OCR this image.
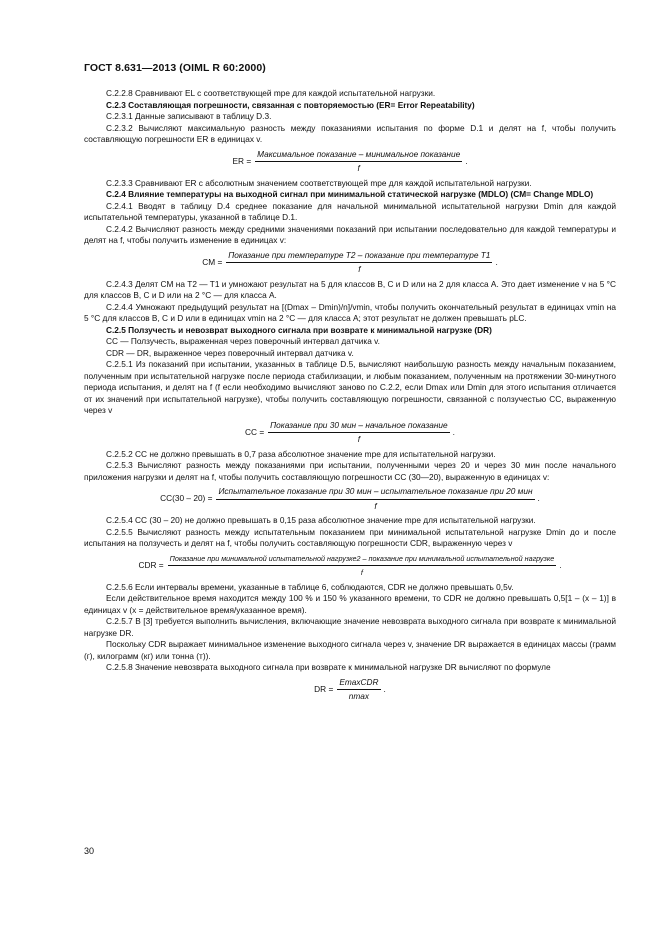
ГОСТ 8.631—2013 (OIML R 60:2000)

C.2.2.8 Сравнивают EL с соответствующей mpe для каждой испытательной нагрузки.

C.2.3 Составляющая погрешности, связанная с повторяемостью (ER= Error Repeatability)

C.2.3.1 Данные записывают в таблицу D.3.

C.2.3.2 Вычисляют максимальную разность между показаниями испытания по форме D.1 и делят на f, чтобы получить составляющую погрешности ER в единицах v.

ER = $\frac{\text{Максимальное показание – минимальное показание}}{f}$ .

C.2.3.3 Сравнивают ER с абсолютным значением соответствующей mpe для каждой испытательной нагрузки.

C.2.4 Влияние температуры на выходной сигнал при минимальной статической нагрузке (MDLO) (CM= Change MDLO)

C.2.4.1 Вводят в таблицу D.4 среднее показание для начальной минимальной испытательной нагрузки Dmin для каждой испытательной температуры, указанной в таблице D.1.

C.2.4.2 Вычисляют разность между средними значениями показаний при испытании последовательно для каждой температуры и делят на f, чтобы получить изменение в единицах v:

CM = $\frac{\text{Показание при температуре T2 – показание при температуре T1}}{f}$ .

C.2.4.3 Делят CM на T2 — T1 и умножают результат на 5 для классов B, C и D или на 2 для класса A. Это дает изменение v на 5 °C для классов B, C и D или на 2 °C — для класса A.

C.2.4.4 Умножают предыдущий результат на [(Dmax – Dmin)/n]/vmin, чтобы получить окончательный результат в единицах vmin на 5 °C для классов B, C и D или в единицах vmin на 2 °C — для класса A; этот результат не должен превышать pLC.

C.2.5 Ползучесть и невозврат выходного сигнала при возврате к минимальной нагрузке (DR)

CC — Ползучесть, выраженная через поверочный интервал датчика v.

CDR — DR, выраженное через поверочный интервал датчика v.

C.2.5.1 Из показаний при испытании, указанных в таблице D.5, вычисляют наибольшую разность между начальным показанием, полученным при испытательной нагрузке после периода стабилизации, и любым показанием, полученным на протяжении 30-минутного периода испытания, и делят на f (f если необходимо вычисляют заново по C.2.2, если Dmax или Dmin для этого испытания отличается от их значений при испытательной нагрузке), чтобы получить составляющую погрешности, связанной с ползучестью CC, выраженную через v

CC = $\frac{\text{Показание при 30 мин – начальное показание}}{f}$ .

C.2.5.2 CC не должно превышать в 0,7 раза абсолютное значение mpe для испытательной нагрузки.

C.2.5.3 Вычисляют разность между показаниями при испытании, полученными через 20 и через 30 мин после начального приложения нагрузки и делят на f, чтобы получить составляющую погрешности CC (30—20), выраженную в единицах v:

CC(30 – 20) =
Испытательное показание при 30 мин – испытательное показание при 20 мин
f
.

C.2.5.4 CC (30 – 20) не должно превышать в 0,15 раза абсолютное значение mpe для испытательной нагрузки.

C.2.5.5 Вычисляют разность между испытательным показанием при минимальной испытательной нагрузке Dmin до и после испытания на ползучесть и делят на f, чтобы получить составляющую погрешности CDR, выраженную через v

CDR =
Показание при минимальной испытательной нагрузке2 – показание при минимальной испытательной нагрузке
f
.

C.2.5.6 Если интервалы времени, указанные в таблице 6, соблюдаются, CDR не должно превышать 0,5v.

Если действительное время находится между 100 % и 150 % указанного времени, то CDR не должно превышать 0,5[1 – (x – 1)] в единицах v (x = действительное время/указанное время).

C.2.5.7 В [3] требуется выполнить вычисления, включающие значение невозврата выходного сигнала при возврате к минимальной нагрузке DR.

Поскольку CDR выражает минимальное изменение выходного сигнала через v, значение DR выражается в единицах массы (грамм (г), килограмм (кг) или тонна (т)).

C.2.5.8 Значение невозврата выходного сигнала при возврате к минимальной нагрузке DR вычисляют по формуле

DR = $\frac{\text{EmaxCDR}}{nmax}$ .
30
